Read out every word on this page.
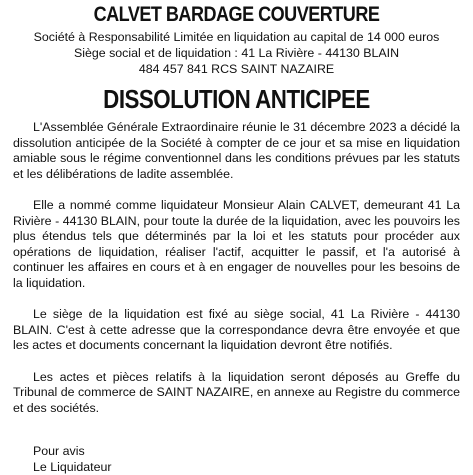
CALVET BARDAGE COUVERTURE
Société à Responsabilité Limitée en liquidation au capital de 14 000 euros
Siège social et de liquidation : 41 La Rivière - 44130 BLAIN
484 457 841 RCS SAINT NAZAIRE
DISSOLUTION ANTICIPEE

L'Assemblée Générale Extraordinaire réunie le 31 décembre 2023 a décidé la dissolution anticipée de la Société à compter de ce jour et sa mise en liquidation amiable sous le régime conventionnel dans les conditions prévues par les statuts et les délibérations de ladite assemblée.

Elle a nommé comme liquidateur Monsieur Alain CALVET, demeurant 41 La Rivière - 44130 BLAIN, pour toute la durée de la liquidation, avec les pouvoirs les plus étendus tels que déterminés par la loi et les statuts pour procéder aux opérations de liquidation, réaliser l'actif, acquitter le passif, et l'a autorisé à continuer les affaires en cours et à en engager de nouvelles pour les besoins de la liquidation.

Le siège de la liquidation est fixé au siège social, 41 La Rivière - 44130 BLAIN. C'est à cette adresse que la correspondance devra être envoyée et que les actes et documents concernant la liquidation devront être notifiés.

Les actes et pièces relatifs à la liquidation seront déposés au Greffe du Tribunal de commerce de SAINT NAZAIRE, en annexe au Registre du commerce et des sociétés.

Pour avis
Le Liquidateur
